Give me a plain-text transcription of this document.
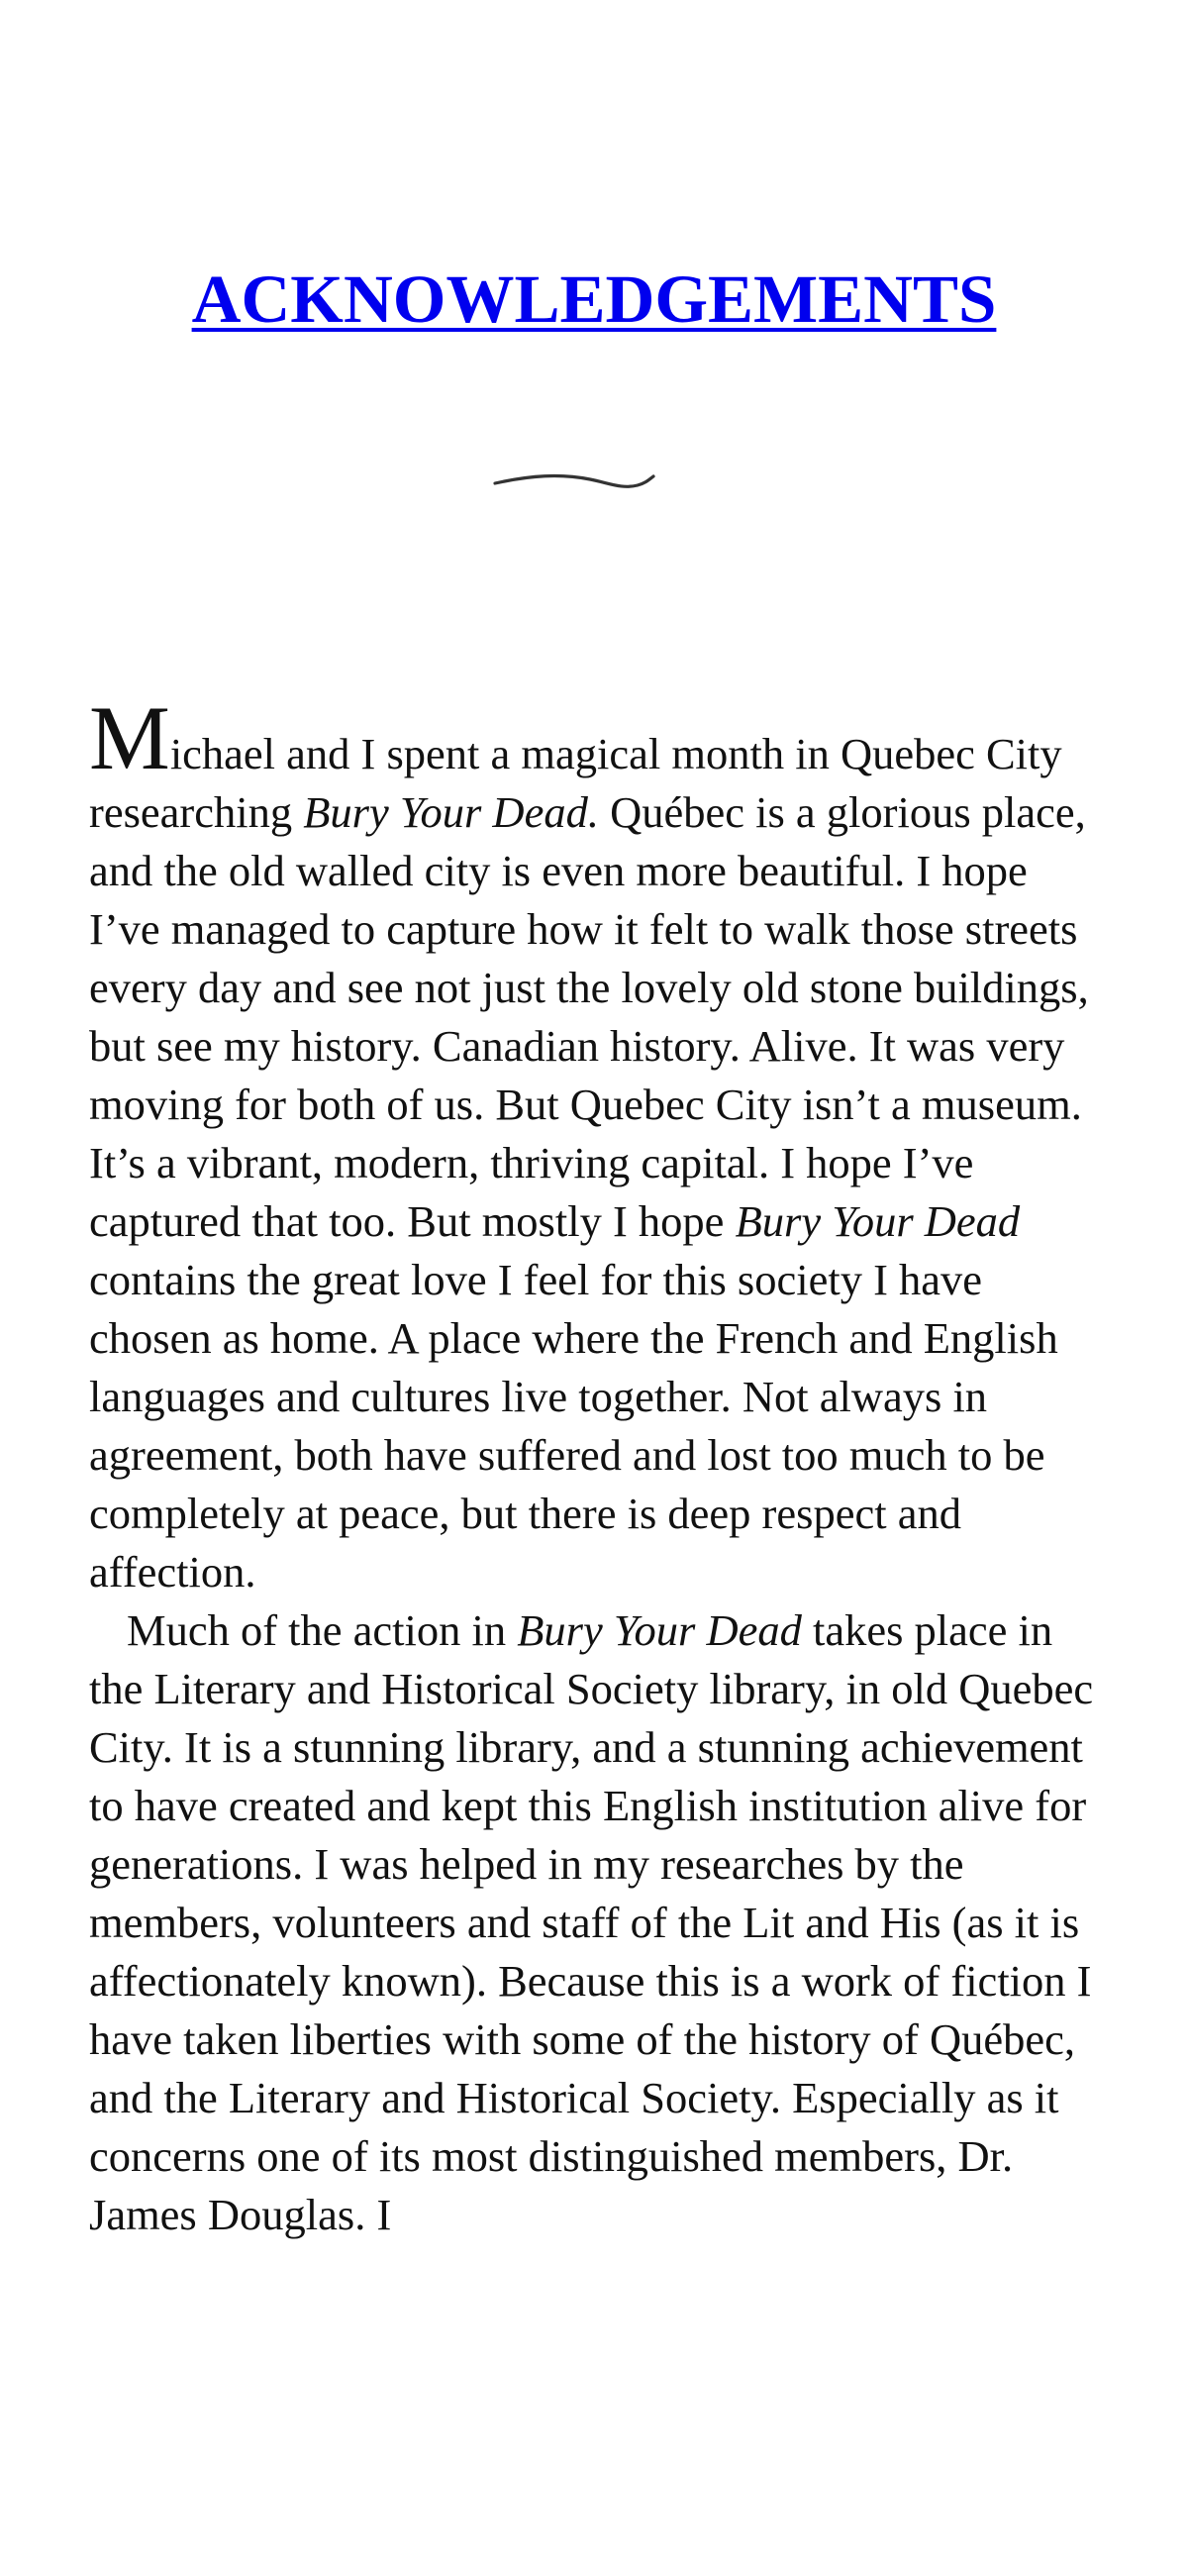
ACKNOWLEDGEMENTS

Michael and I spent a magical month in Quebec City researching Bury Your Dead. Québec is a glorious place, and the old walled city is even more beautiful. I hope I’ve managed to capture how it felt to walk those streets every day and see not just the lovely old stone buildings, but see my history. Canadian history. Alive. It was very moving for both of us. But Quebec City isn’t a museum. It’s a vibrant, modern, thriving capital. I hope I’ve captured that too. But mostly I hope Bury Your Dead contains the great love I feel for this society I have chosen as home. A place where the French and English languages and cultures live together. Not always in agreement, both have suffered and lost too much to be completely at peace, but there is deep respect and affection.

Much of the action in Bury Your Dead takes place in the Literary and Historical Society library, in old Quebec City. It is a stunning library, and a stunning achievement to have created and kept this English institution alive for generations. I was helped in my researches by the members, volunteers and staff of the Lit and His (as it is affectionately known). Because this is a work of fiction I have taken liberties with some of the history of Québec, and the Literary and Historical Society. Especially as it concerns one of its most distinguished members, Dr. James Douglas. I
